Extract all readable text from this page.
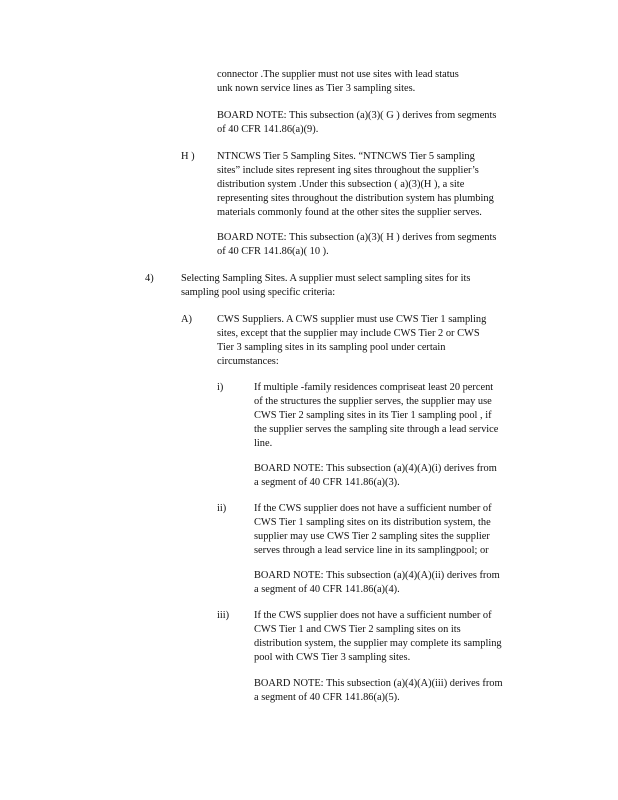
connector .The supplier must not use sites with lead status
unk nown service lines as Tier 3 sampling sites.
BOARD NOTE: This subsection (a)(3)( G ) derives from segments
of 40 CFR 141.86(a)(9).
H ) NTNCWS Tier 5 Sampling Sites. “NTNCWS Tier 5 sampling
sites” include sites represent ing sites throughout the supplier’s
distribution system .Under this subsection ( a)(3)(H ), a site
representing sites throughout the distribution system has plumbing
materials commonly found at the other sites the supplier serves.
BOARD NOTE: This subsection (a)(3)( H ) derives from segments
of 40 CFR 141.86(a)( 10 ).
4)	Selecting Sampling Sites. A supplier must select sampling sites for its
sampling pool using specific criteria:
A) CWS Suppliers. A CWS supplier must use CWS Tier 1 sampling
sites, except that the supplier may include CWS Tier 2 or CWS
Tier 3 sampling sites in its sampling pool under certain
circumstances:
i)	If multiple -family residences compriseat least 20 percent
of the structures the supplier serves, the supplier may use
CWS Tier 2 sampling sites in its Tier 1 sampling pool , if
the supplier serves the sampling site through a lead service
line.
BOARD NOTE: This subsection (a)(4)(A)(i) derives from
a segment of 40 CFR 141.86(a)(3).
ii)	If the CWS supplier does not have a sufficient number of
CWS Tier 1 sampling sites on its distribution system, the
supplier may use CWS Tier 2 sampling sites the supplier
serves through a lead service line in its samplingpool; or
BOARD NOTE: This subsection (a)(4)(A)(ii) derives from
a segment of 40 CFR 141.86(a)(4).
iii) If the CWS supplier does not have a sufficient number of
CWS Tier 1 and CWS Tier 2 sampling sites on its
distribution system, the supplier may complete its sampling
pool with CWS Tier 3 sampling sites.
BOARD NOTE: This subsection (a)(4)(A)(iii) derives from
a segment of 40 CFR 141.86(a)(5).
